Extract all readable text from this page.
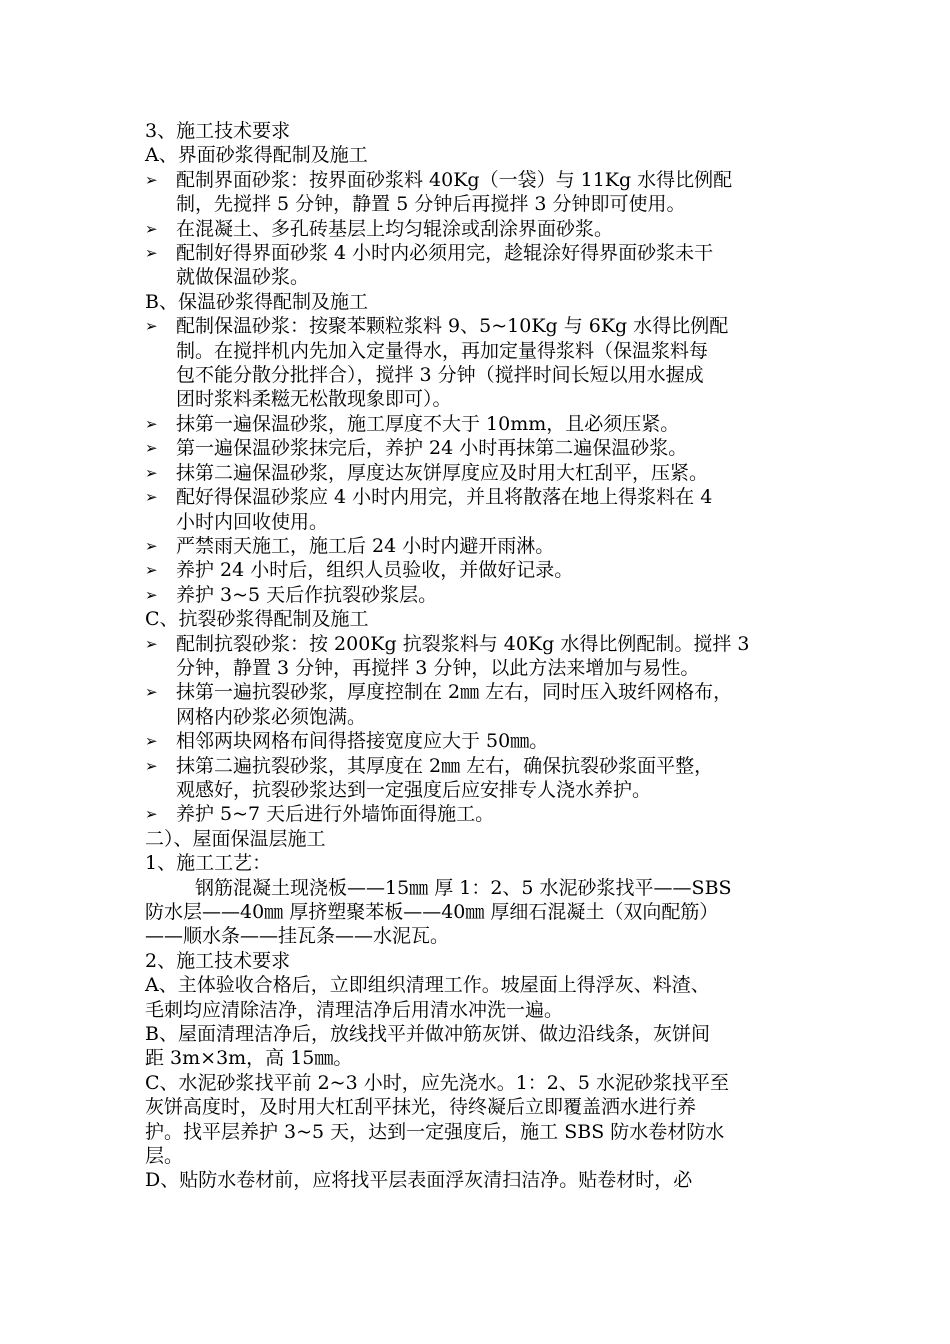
3、施工技术要求
A、界面砂浆得配制及施工
➢ 配制界面砂浆：按界面砂浆料 40Kg（一袋）与 11Kg 水得比例配
制，先搅拌 5 分钟，静置 5 分钟后再搅拌 3 分钟即可使用。
➢ 在混凝土、多孔砖基层上均匀辊涂或刮涂界面砂浆。
➢ 配制好得界面砂浆 4 小时内必须用完，趁辊涂好得界面砂浆未干
就做保温砂浆。
B、保温砂浆得配制及施工
➢ 配制保温砂浆：按聚苯颗粒浆料 9、5~10Kg 与 6Kg 水得比例配
制。在搅拌机内先加入定量得水，再加定量得浆料（保温浆料每
包不能分散分批拌合），搅拌 3 分钟（搅拌时间长短以用水握成
团时浆料柔糍无松散现象即可）。
➢ 抹第一遍保温砂浆，施工厚度不大于 10mm，且必须压紧。
➢ 第一遍保温砂浆抹完后，养护 24 小时再抹第二遍保温砂浆。
➢ 抹第二遍保温砂浆，厚度达灰饼厚度应及时用大杠刮平，压紧。
➢ 配好得保温砂浆应 4 小时内用完，并且将散落在地上得浆料在 4
小时内回收使用。
➢ 严禁雨天施工，施工后 24 小时内避开雨淋。
➢ 养护 24 小时后，组织人员验收，并做好记录。
➢ 养护 3~5 天后作抗裂砂浆层。
C、抗裂砂浆得配制及施工
➢ 配制抗裂砂浆：按 200Kg 抗裂浆料与 40Kg 水得比例配制。搅拌 3
分钟，静置 3 分钟，再搅拌 3 分钟，以此方法来增加与易性。
➢ 抹第一遍抗裂砂浆，厚度控制在 2㎜ 左右，同时压入玻纤网格布，
网格内砂浆必须饱满。
➢ 相邻两块网格布间得搭接宽度应大于 50㎜。
➢ 抹第二遍抗裂砂浆，其厚度在 2㎜ 左右，确保抗裂砂浆面平整，
观感好，抗裂砂浆达到一定强度后应安排专人浇水养护。
➢ 养护 5~7 天后进行外墙饰面得施工。
二）、屋面保温层施工
1、施工工艺：
钢筋混凝土现浇板——15㎜ 厚 1：2、5 水泥砂浆找平——SBS
防水层——40㎜ 厚挤塑聚苯板——40㎜ 厚细石混凝土（双向配筋）
——顺水条——挂瓦条——水泥瓦。
2、施工技术要求
A、主体验收合格后，立即组织清理工作。坡屋面上得浮灰、料渣、
毛刺均应清除洁净，清理洁净后用清水冲洗一遍。
B、屋面清理洁净后，放线找平并做冲筋灰饼、做边沿线条，灰饼间
距 3m×3m，高 15㎜。
C、水泥砂浆找平前 2~3 小时，应先浇水。1：2、5 水泥砂浆找平至
灰饼高度时，及时用大杠刮平抹光，待终凝后立即覆盖洒水进行养
护。找平层养护 3~5 天，达到一定强度后，施工 SBS 防水卷材防水
层。
D、贴防水卷材前，应将找平层表面浮灰清扫洁净。贴卷材时，必
